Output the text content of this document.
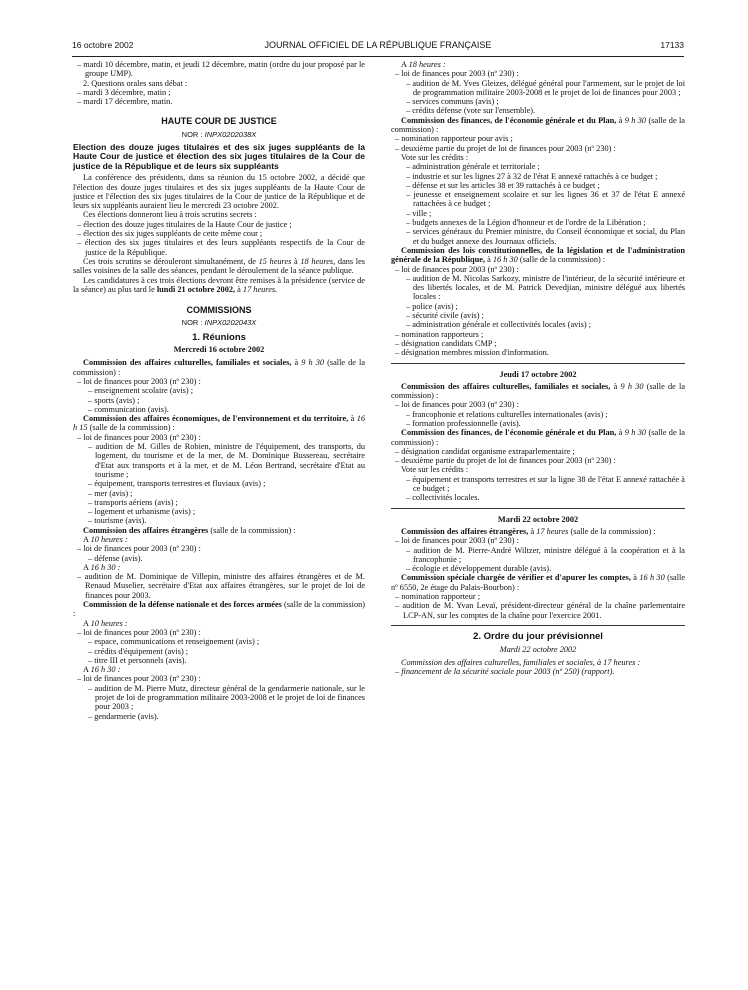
16 octobre 2002	JOURNAL OFFICIEL DE LA RÉPUBLIQUE FRANÇAISE	17133

– mardi 10 décembre, matin, et jeudi 12 décembre, matin (ordre du jour proposé par le groupe UMP).

2. Questions orales sans débat :

– mardi 3 décembre, matin ;

– mardi 17 décembre, matin.

HAUTE COUR DE JUSTICE
NOR : INPX0202038X

Election des douze juges titulaires et des six juges suppléants de la Haute Cour de justice et élection des six juges titulaires de la Cour de justice de la République et de leurs six suppléants

La conférence des présidents, dans sa réunion du 15 octobre 2002, a décidé que l'élection des douze juges titulaires et des six juges suppléants de la Haute Cour de justice et l'élection des six juges titulaires de la Cour de justice de la République et de leurs six suppléants auraient lieu le mercredi 23 octobre 2002.

Ces élections donneront lieu à trois scrutins secrets :

– élection des douze juges titulaires de la Haute Cour de justice ;

– élection des six juges suppléants de cette même cour ;

– élection des six juges titulaires et des leurs suppléants respectifs de la Cour de justice de la République.

Ces trois scrutins se dérouleront simultanément, de 15 heures à 18 heures, dans les salles voisines de la salle des séances, pendant le déroulement de la séance publique.

Les candidatures à ces trois élections devront être remises à la présidence (service de la séance) au plus tard le lundi 21 octobre 2002, à 17 heures.

COMMISSIONS
NOR : INPX0202043X
1. Réunions
Mercredi 16 octobre 2002

Commission des affaires culturelles, familiales et sociales, à 9 h 30 (salle de la commission) :

– loi de finances pour 2003 (nº 230) :

– enseignement scolaire (avis) ;

– sports (avis) ;

– communication (avis).

Commission des affaires économiques, de l'environnement et du territoire, à 16 h 15 (salle de la commission) :

– loi de finances pour 2003 (nº 230) :

– audition de M. Gilles de Robien, ministre de l'équipement, des transports, du logement, du tourisme et de la mer, de M. Dominique Bussereau, secrétaire d'Etat aux transports et à la mer, et de M. Léon Bertrand, secrétaire d'Etat au tourisme ;

– équipement, transports terrestres et fluviaux (avis) ;

– mer (avis) ;

– transports aériens (avis) ;

– logement et urbanisme (avis) ;

– tourisme (avis).

Commission des affaires étrangères (salle de la commission) :

A 10 heures :

– loi de finances pour 2003 (nº 230) :

– défense (avis).

A 16 h 30 :

– audition de M. Dominique de Villepin, ministre des affaires étrangères et de M. Renaud Muselier, secrétaire d'Etat aux affaires étrangères, sur le projet de loi de finances pour 2003.

Commission de la défense nationale et des forces armées (salle de la commission) :

A 10 heures :

– loi de finances pour 2003 (nº 230) :

– espace, communications et renseignement (avis) ;

– crédits d'équipement (avis) ;

– titre III et personnels (avis).

A 16 h 30 :

– loi de finances pour 2003 (nº 230) :

– audition de M. Pierre Mutz, directeur général de la gendarmerie nationale, sur le projet de loi de programmation militaire 2003-2008 et le projet de loi de finances pour 2003 ;

– gendarmerie (avis).

A 18 heures :

– loi de finances pour 2003 (nº 230) :

– audition de M. Yves Gleizes, délégué général pour l'armement, sur le projet de loi de programmation militaire 2003-2008 et le projet de loi de finances pour 2003 ;

– services communs (avis) ;

– crédits défense (vote sur l'ensemble).

Commission des finances, de l'économie générale et du Plan, à 9 h 30 (salle de la commission) :

– nomination rapporteur pour avis ;

– deuxième partie du projet de loi de finances pour 2003 (nº 230) :

Vote sur les crédits :

– administration générale et territoriale ;

– industrie et sur les lignes 27 à 32 de l'état E annexé rattachés à ce budget ;

– défense et sur les articles 38 et 39 rattachés à ce budget ;

– jeunesse et enseignement scolaire et sur les lignes 36 et 37 de l'état E annexé rattachées à ce budget ;

– ville ;

– budgets annexes de la Légion d'honneur et de l'ordre de la Libération ;

– services généraux du Premier ministre, du Conseil économique et social, du Plan et du budget annexe des Journaux officiels.

Commission des lois constitutionnelles, de la législation et de l'administration générale de la République, à 16 h 30 (salle de la commission) :

– loi de finances pour 2003 (nº 230) :

– audition de M. Nicolas Sarkozy, ministre de l'intérieur, de la sécurité intérieure et des libertés locales, et de M. Patrick Devedjian, ministre délégué aux libertés locales :

– police (avis) ;

– sécurité civile (avis) ;

– administration générale et collectivités locales (avis) ;

– nomination rapporteurs ;

– désignation candidats CMP ;

– désignation membres mission d'information.

Jeudi 17 octobre 2002

Commission des affaires culturelles, familiales et sociales, à 9 h 30 (salle de la commission) :

– loi de finances pour 2003 (nº 230) :

– francophonie et relations culturelles internationales (avis) ;

– formation professionnelle (avis).

Commission des finances, de l'économie générale et du Plan, à 9 h 30 (salle de la commission) :

– désignation candidat organisme extraparlementaire ;

– deuxième partie du projet de loi de finances pour 2003 (nº 230) :

Vote sur les crédits :

– équipement et transports terrestres et sur la ligne 38 de l'état E annexé rattachée à ce budget ;

– collectivités locales.

Mardi 22 octobre 2002

Commission des affaires étrangères, à 17 heures (salle de la commission) :

– loi de finances pour 2003 (nº 230) :

– audition de M. Pierre-André Wiltzer, ministre délégué à la coopération et à la francophonie ;

– écologie et développement durable (avis).

Commission spéciale chargée de vérifier et d'apurer les comptes, à 16 h 30 (salle nº 6550, 2e étage du Palais-Bourbon) :

– nomination rapporteur ;

– audition de M. Yvan Levaï, président-directeur général de la chaîne parlementaire LCP-AN, sur les comptes de la chaîne pour l'exercice 2001.

2. Ordre du jour prévisionnel
Mardi 22 octobre 2002

Commission des affaires culturelles, familiales et sociales, à 17 heures :

– financement de la sécurité sociale pour 2003 (nº 250) (rapport).
